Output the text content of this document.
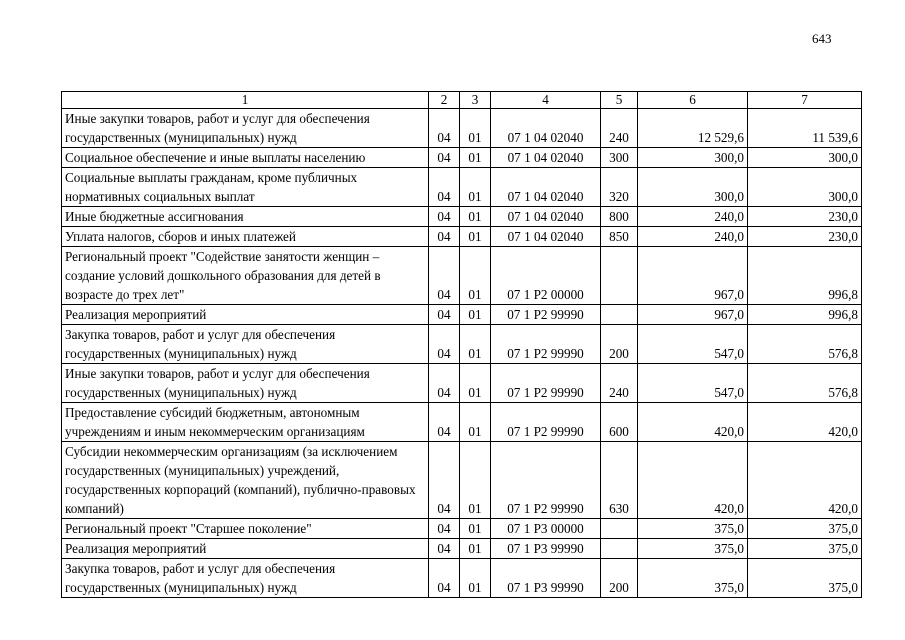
643
1	2	3	4	5	6	7
Иные закупки товаров, работ и услуг для обеспечения государственных (муниципальных) нужд	04	01	07 1 04 02040	240	12 529,6	11 539,6
Социальное обеспечение и иные выплаты населению	04	01	07 1 04 02040	300	300,0	300,0
Социальные выплаты гражданам, кроме публичных нормативных социальных выплат	04	01	07 1 04 02040	320	300,0	300,0
Иные бюджетные ассигнования	04	01	07 1 04 02040	800	240,0	230,0
Уплата налогов, сборов и иных платежей	04	01	07 1 04 02040	850	240,0	230,0
Региональный проект "Содействие занятости женщин – создание условий дошкольного образования для детей в возрасте до трех лет"	04	01	07 1 P2 00000		967,0	996,8
Реализация мероприятий	04	01	07 1 P2 99990		967,0	996,8
Закупка товаров, работ и услуг для обеспечения государственных (муниципальных) нужд	04	01	07 1 P2 99990	200	547,0	576,8
Иные закупки товаров, работ и услуг для обеспечения государственных (муниципальных) нужд	04	01	07 1 P2 99990	240	547,0	576,8
Предоставление субсидий бюджетным, автономным учреждениям и иным некоммерческим организациям	04	01	07 1 P2 99990	600	420,0	420,0
Субсидии некоммерческим организациям (за исключением государственных (муниципальных) учреждений, государственных корпораций (компаний), публично-правовых компаний)	04	01	07 1 P2 99990	630	420,0	420,0
Региональный проект "Старшее поколение"	04	01	07 1 P3 00000		375,0	375,0
Реализация мероприятий	04	01	07 1 P3 99990		375,0	375,0
Закупка товаров, работ и услуг для обеспечения государственных (муниципальных) нужд	04	01	07 1 P3 99990	200	375,0	375,0
